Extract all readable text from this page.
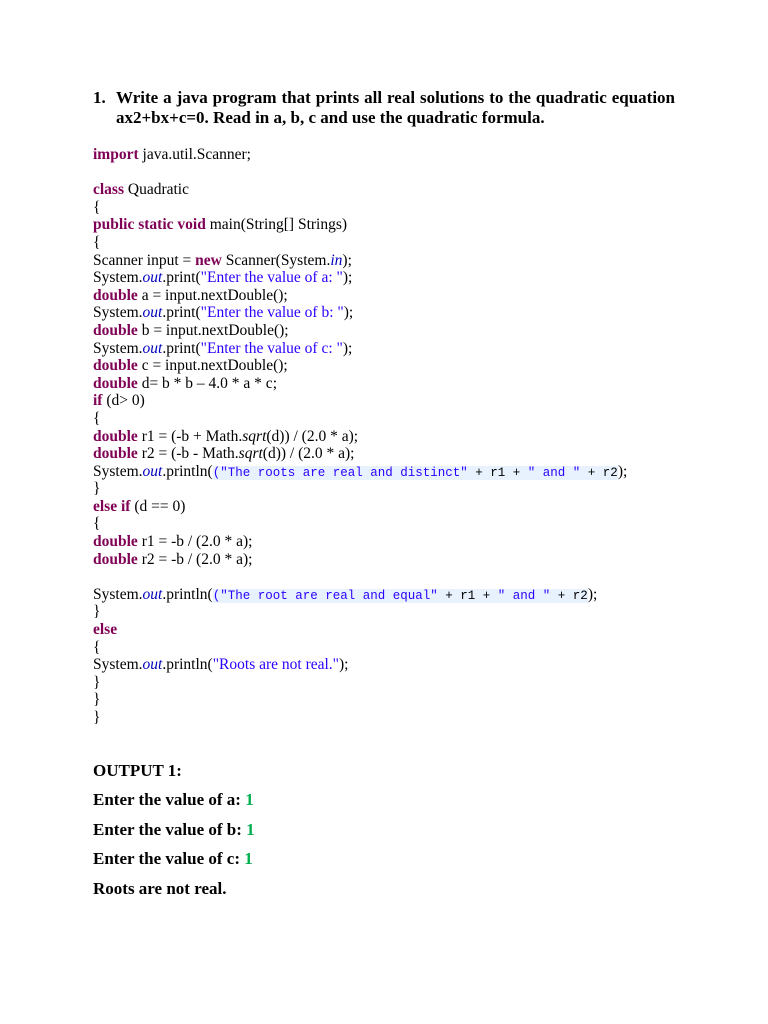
1. Write a java program that prints all real solutions to the quadratic equation ax2+bx+c=0. Read in a, b, c and use the quadratic formula.
import java.util.Scanner;
class Quadratic
{
public static void main(String[] Strings)
{
Scanner input = new Scanner(System.in);
System.out.print("Enter the value of a: ");
double a = input.nextDouble();
System.out.print("Enter the value of b: ");
double b = input.nextDouble();
System.out.print("Enter the value of c: ");
double c = input.nextDouble();
double d= b * b – 4.0 * a * c;
if (d> 0)
{
double r1 = (-b + Math.sqrt(d)) / (2.0 * a);
double r2 = (-b - Math.sqrt(d)) / (2.0 * a);
System.out.println(("The roots are real and distinct" + r1 + " and " + r2);
}
else if (d == 0)
{
double r1 = -b / (2.0 * a);
double r2 = -b / (2.0 * a);
System.out.println(("The root are real and equal" + r1 + " and " + r2);
}
else
{
System.out.println("Roots are not real.");
}
}
}
OUTPUT 1:
Enter the value of a: 1
Enter the value of b: 1
Enter the value of c: 1
Roots are not real.
